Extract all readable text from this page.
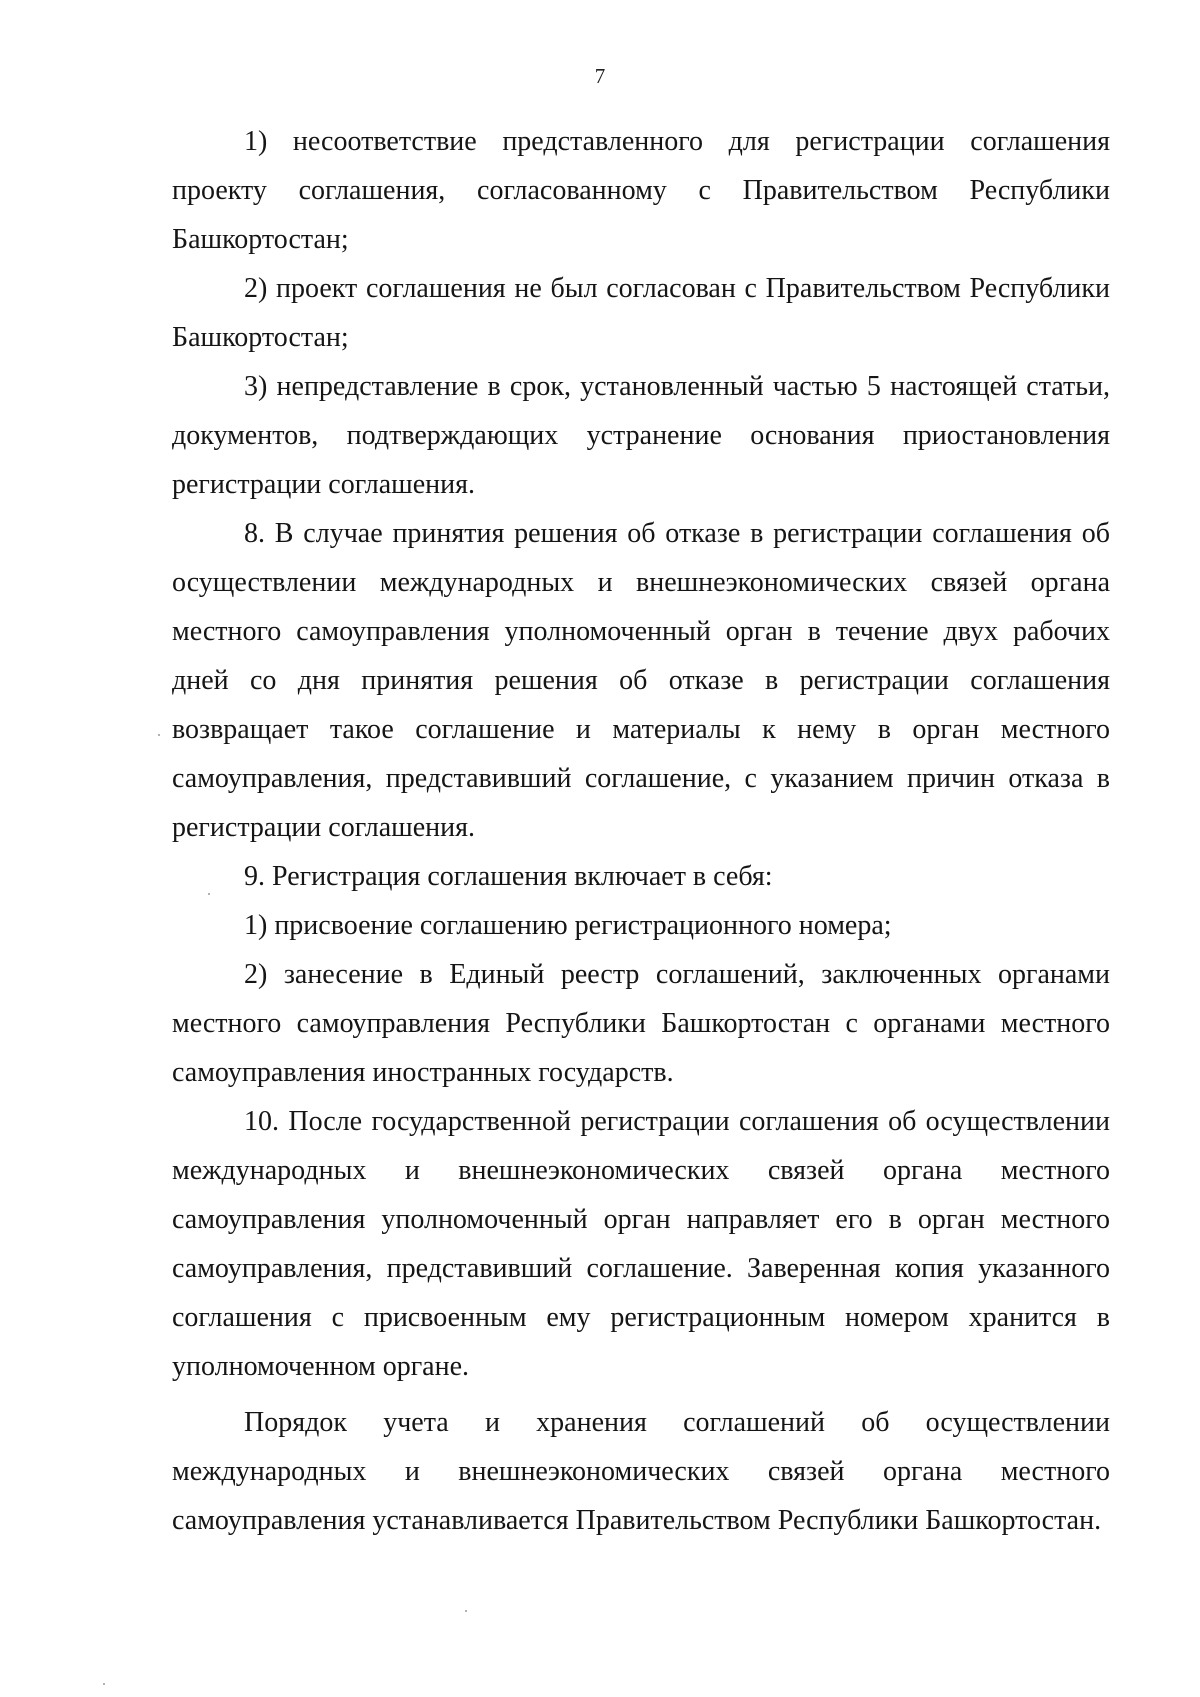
7

1) несоответствие представленного для регистрации соглашения проекту соглашения, согласованному с Правительством Республики Башкортостан;

2) проект соглашения не был согласован с Правительством Республики Башкортостан;

3) непредставление в срок, установленный частью 5 настоящей статьи, документов, подтверждающих устранение основания приостановления регистрации соглашения.

8. В случае принятия решения об отказе в регистрации соглашения об осуществлении международных и внешнеэкономических связей органа местного самоуправления уполномоченный орган в течение двух рабочих дней со дня принятия решения об отказе в регистрации соглашения возвращает такое соглашение и материалы к нему в орган местного самоуправления, представивший соглашение, с указанием причин отказа в регистрации соглашения.

9. Регистрация соглашения включает в себя:

1) присвоение соглашению регистрационного номера;

2) занесение в Единый реестр соглашений, заключенных органами местного самоуправления Республики Башкортостан с органами местного самоуправления иностранных государств.

10. После государственной регистрации соглашения об осуществлении международных и внешнеэкономических связей органа местного самоуправления уполномоченный орган направляет его в орган местного самоуправления, представивший соглашение. Заверенная копия указанного соглашения с присвоенным ему регистрационным номером хранится в уполномоченном органе.

Порядок учета и хранения соглашений об осуществлении международных и внешнеэкономических связей органа местного самоуправления устанавливается Правительством Республики Башкортостан.
